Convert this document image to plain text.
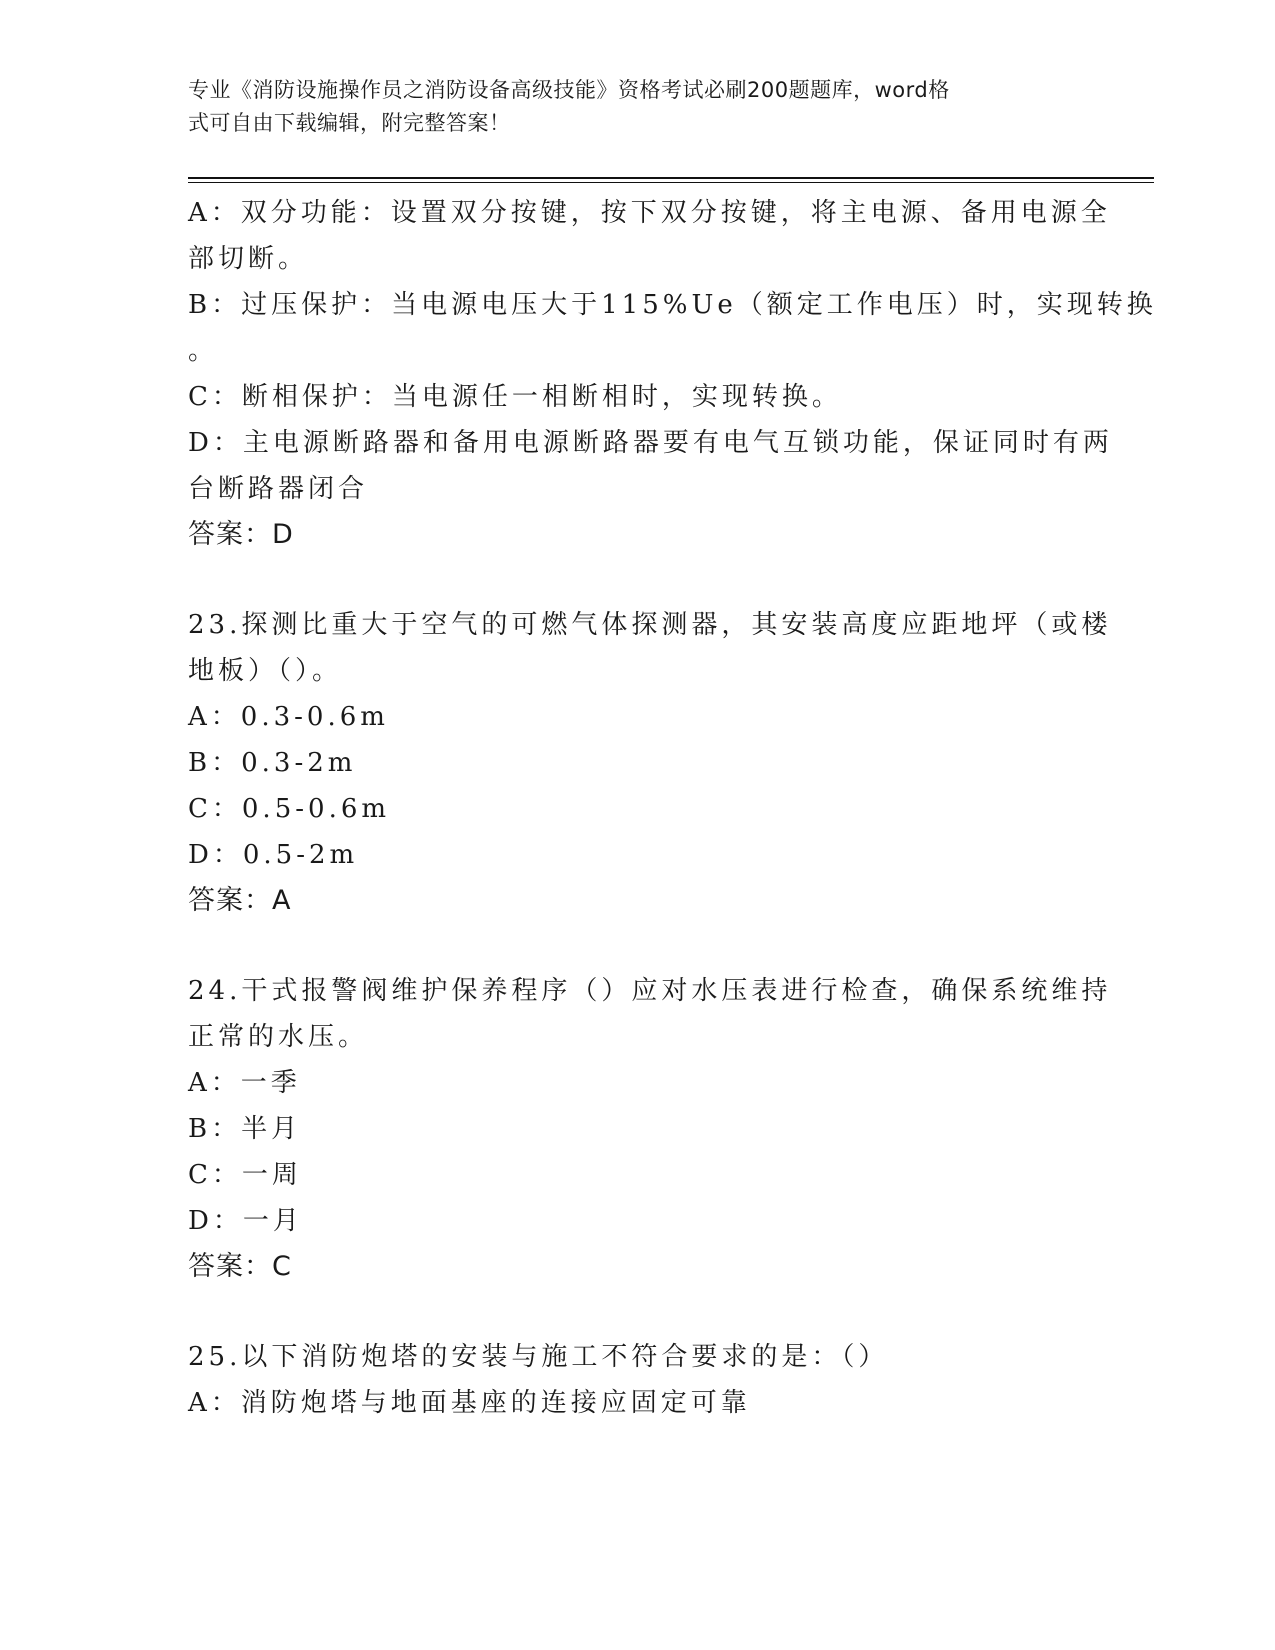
专业《消防设施操作员之消防设备高级技能》资格考试必刷200题题库，word格
式可自由下载编辑，附完整答案！
A：双分功能：设置双分按键，按下双分按键，将主电源、备用电源全
部切断。
B：过压保护：当电源电压大于115%Ue（额定工作电压）时，实现转换
。
C：断相保护：当电源任一相断相时，实现转换。
D：主电源断路器和备用电源断路器要有电气互锁功能，保证同时有两
台断路器闭合
答案：D
23.探测比重大于空气的可燃气体探测器，其安装高度应距地坪（或楼
地板）（）。
A：0.3-0.6m
B：0.3-2m
C：0.5-0.6m
D：0.5-2m
答案：A
24.干式报警阀维护保养程序（）应对水压表进行检查，确保系统维持
正常的水压。
A：一季
B：半月
C：一周
D：一月
答案：C
25.以下消防炮塔的安装与施工不符合要求的是：（）
A：消防炮塔与地面基座的连接应固定可靠
